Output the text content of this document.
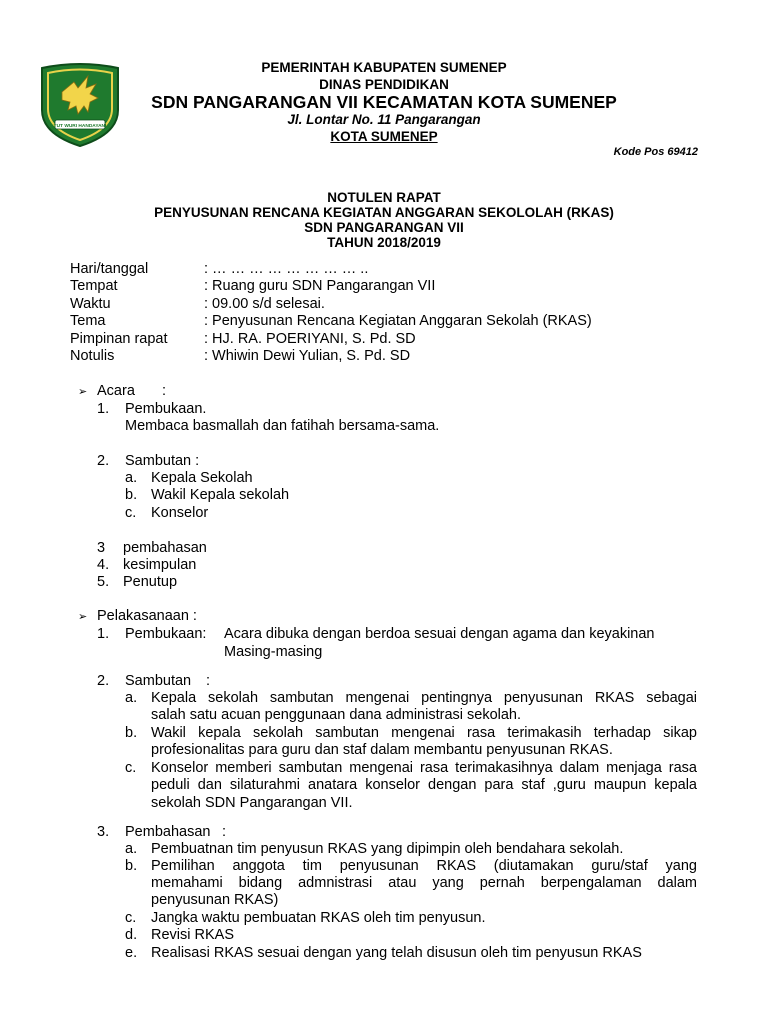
TUT WURI HANDAYANI
PEMERINTAH KABUPATEN SUMENEP
DINAS PENDIDIKAN
SDN PANGARANGAN VII KECAMATAN KOTA SUMENEP
Jl. Lontar No. 11 Pangarangan
KOTA SUMENEP
Kode Pos 69412
NOTULEN RAPAT
PENYUSUNAN RENCANA KEGIATAN ANGGARAN SEKOLOLAH (RKAS)
SDN PANGARANGAN VII
TAHUN 2018/2019
Hari/tanggal	: … … … … … … … … ..
Tempat	: Ruang guru SDN Pangarangan VII
Waktu	: 09.00 s/d selesai.
Tema	: Penyusunan Rencana Kegiatan Anggaran Sekolah (RKAS)
Pimpinan rapat	: HJ. RA. POERIYANI, S. Pd. SD
Notulis	: Whiwin Dewi Yulian, S. Pd. SD
➢ Acara :
1. Pembukaan.
Membaca basmallah dan fatihah bersama-sama.
2. Sambutan :
a. Kepala Sekolah
b. Wakil Kepala sekolah
c. Konselor
3 pembahasan
4. kesimpulan
5. Penutup
➢ Pelakasanaan :
1. Pembukaan: Acara dibuka dengan berdoa sesuai dengan agama dan keyakinan
Masing-masing
2. Sambutan :
a. Kepala sekolah sambutan mengenai pentingnya penyusunan RKAS sebagai
salah satu acuan penggunaan dana administrasi sekolah.
b. Wakil kepala sekolah sambutan mengenai rasa terimakasih terhadap sikap
profesionalitas para guru dan staf dalam membantu penyusunan RKAS.
c. Konselor memberi sambutan mengenai rasa terimakasihnya dalam menjaga rasa
peduli dan silaturahmi anatara konselor dengan para staf ,guru maupun kepala
sekolah SDN Pangarangan VII.
3. Pembahasan :
a. Pembuatnan tim penyusun RKAS yang dipimpin oleh bendahara sekolah.
b. Pemilihan anggota tim penyusunan RKAS (diutamakan guru/staf yang
memahami bidang admnistrasi atau yang pernah berpengalaman dalam
penyusunan RKAS)
c. Jangka waktu pembuatan RKAS oleh tim penyusun.
d. Revisi RKAS
e. Realisasi RKAS sesuai dengan yang telah disusun oleh tim penyusun RKAS
